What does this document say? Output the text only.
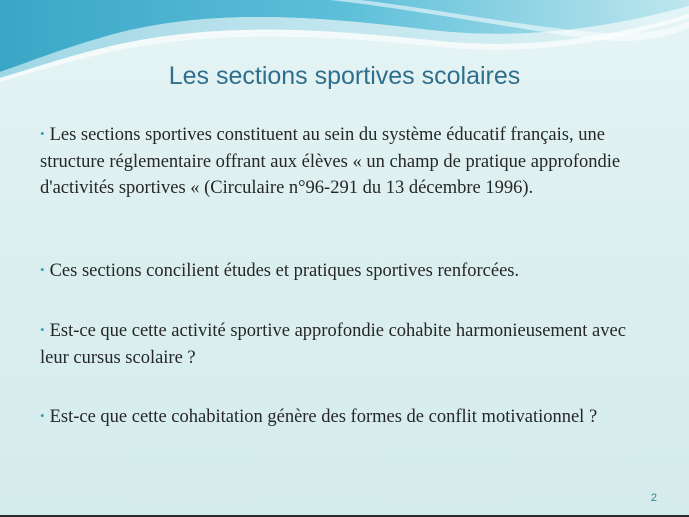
Les sections sportives scolaires

• Les sections sportives constituent au sein du système éducatif français, une structure réglementaire offrant aux élèves « un champ de pratique approfondie d'activités sportives « (Circulaire n°96-291 du 13 décembre 1996).

• Ces sections concilient études et pratiques sportives renforcées.

• Est-ce que cette activité sportive approfondie cohabite harmonieusement avec leur cursus scolaire ?

• Est-ce que cette cohabitation génère des formes de conflit motivationnel ?

2
